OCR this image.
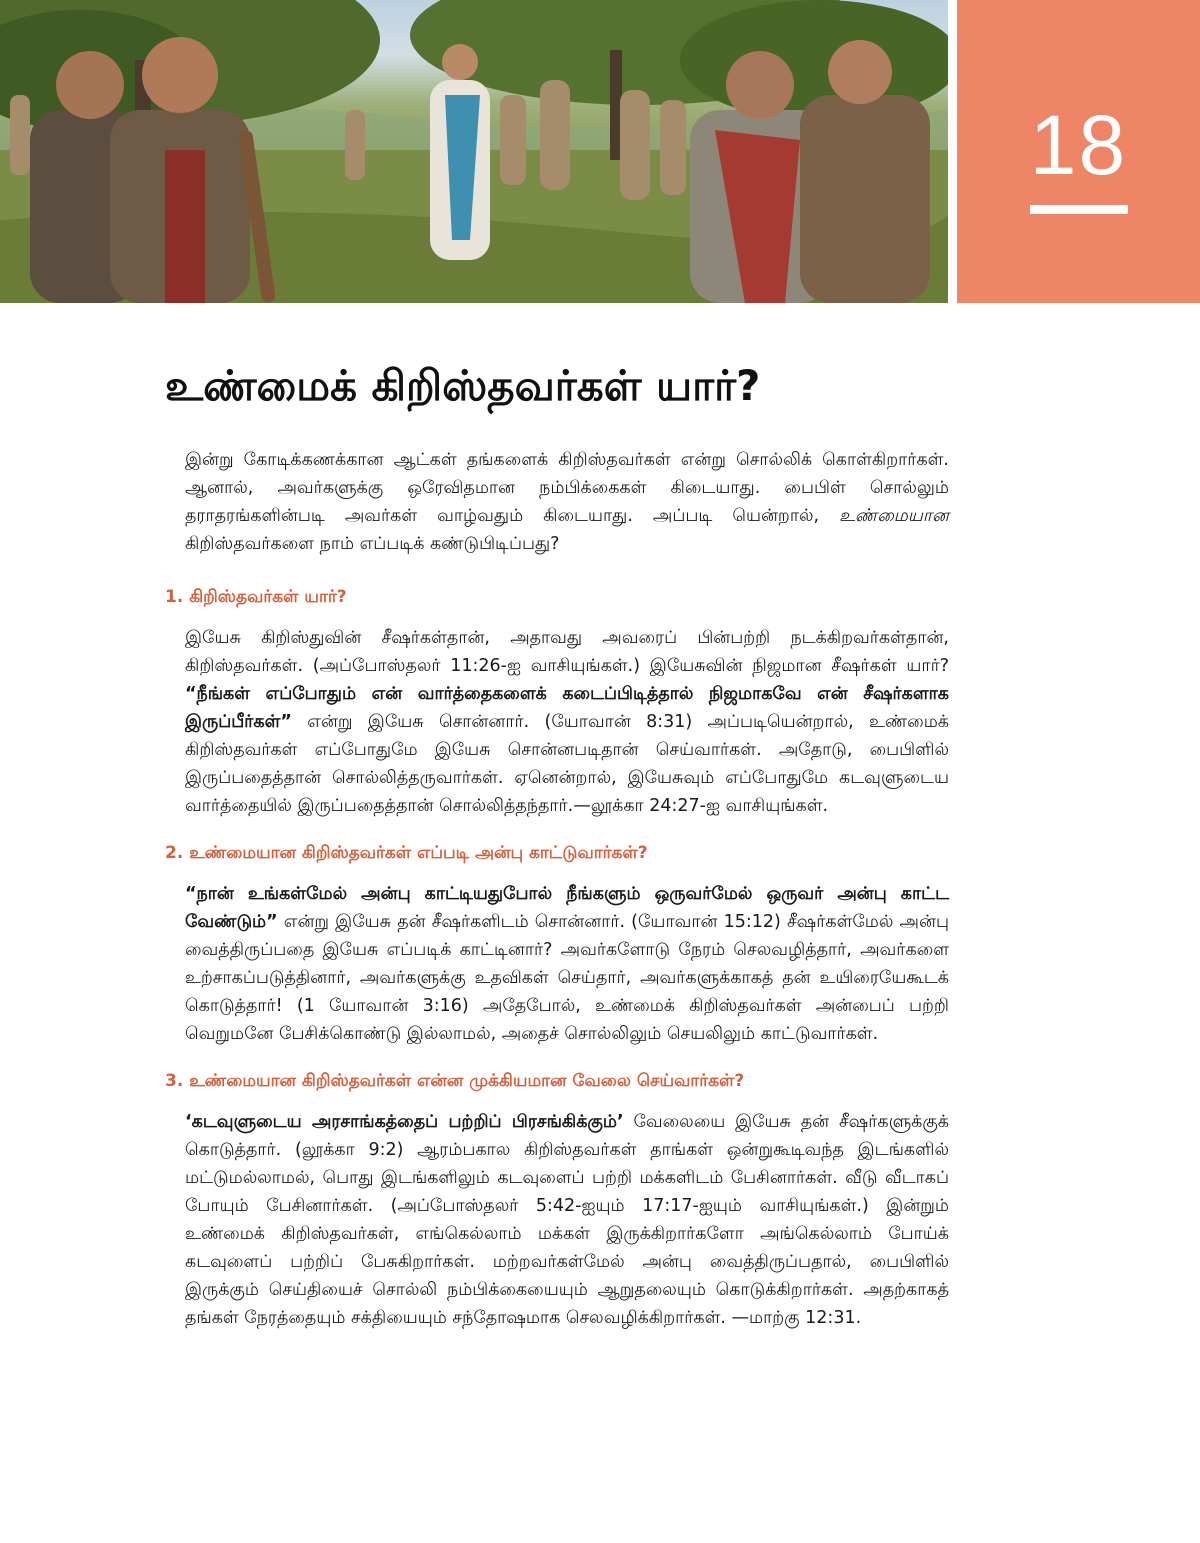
18
உண்மைக் கிறிஸ்தவர்கள் யார்?

இன்று கோடிக்கணக்கான ஆட்கள் தங்களைக் கிறிஸ்தவர்கள் என்று சொல்லிக் கொள்கிறார்கள். ஆனால், அவர்களுக்கு ஒரேவிதமான நம்பிக்கைகள் கிடையாது. பைபிள் சொல்லும் தராதரங்களின்படி அவர்கள் வாழ்வதும் கிடையாது. அப்படி யென்றால், உண்மையான கிறிஸ்தவர்களை நாம் எப்படிக் கண்டுபிடிப்பது?

1. கிறிஸ்தவர்கள் யார்?

இயேசு கிறிஸ்துவின் சீஷர்கள்தான், அதாவது அவரைப் பின்பற்றி நடக்கிறவர்கள்தான், கிறிஸ்தவர்கள். (அப்போஸ்தலர் 11:26-ஐ வாசியுங்கள்.) இயேசுவின் நிஜமான சீஷர்கள் யார்? “நீங்கள் எப்போதும் என் வார்த்தைகளைக் கடைப்பிடித்தால் நிஜமாகவே என் சீஷர்களாக இருப்பீர்கள்” என்று இயேசு சொன்னார். (யோவான் 8:31) அப்படியென்றால், உண்மைக் கிறிஸ்தவர்கள் எப்போதுமே இயேசு சொன்னபடிதான் செய்வார்கள். அதோடு, பைபிளில் இருப்பதைத்தான் சொல்லித்தருவார்கள். ஏனென்றால், இயேசுவும் எப்போதுமே கடவுளுடைய வார்த்தையில் இருப்பதைத்தான் சொல்லித்தந்தார்.—லூக்கா 24:27-ஐ வாசியுங்கள்.

2. உண்மையான கிறிஸ்தவர்கள் எப்படி அன்பு காட்டுவார்கள்?

“நான் உங்கள்மேல் அன்பு காட்டியதுபோல் நீங்களும் ஒருவர்மேல் ஒருவர் அன்பு காட்ட வேண்டும்” என்று இயேசு தன் சீஷர்களிடம் சொன்னார். (யோவான் 15:12) சீஷர்கள்மேல் அன்பு வைத்திருப்பதை இயேசு எப்படிக் காட்டினார்? அவர்களோடு நேரம் செலவழித்தார், அவர்களை உற்சாகப்படுத்தினார், அவர்களுக்கு உதவிகள் செய்தார், அவர்களுக்காகத் தன் உயிரையேகூடக் கொடுத்தார்! (1 யோவான் 3:16) அதேபோல், உண்மைக் கிறிஸ்தவர்கள் அன்பைப் பற்றி வெறுமனே பேசிக்கொண்டு இல்லாமல், அதைச் சொல்லிலும் செயலிலும் காட்டுவார்கள்.

3. உண்மையான கிறிஸ்தவர்கள் என்ன முக்கியமான வேலை செய்வார்கள்?

‘கடவுளுடைய அரசாங்கத்தைப் பற்றிப் பிரசங்கிக்கும்’ வேலையை இயேசு தன் சீஷர்களுக்குக் கொடுத்தார். (லூக்கா 9:2) ஆரம்பகால கிறிஸ்தவர்கள் தாங்கள் ஒன்றுகூடிவந்த இடங்களில் மட்டுமல்லாமல், பொது இடங்களிலும் கடவுளைப் பற்றி மக்களிடம் பேசினார்கள். வீடு வீடாகப் போயும் பேசினார்கள். (அப்போஸ்தலர் 5:42-ஐயும் 17:17-ஐயும் வாசியுங்கள்.) இன்றும் உண்மைக் கிறிஸ்தவர்கள், எங்கெல்லாம் மக்கள் இருக்கிறார்களோ அங்கெல்லாம் போய்க் கடவுளைப் பற்றிப் பேசுகிறார்கள். மற்றவர்கள்மேல் அன்பு வைத்திருப்பதால், பைபிளில் இருக்கும் செய்தியைச் சொல்லி நம்பிக்கையையும் ஆறுதலையும் கொடுக்கிறார்கள். அதற்காகத் தங்கள் நேரத்தையும் சக்தியையும் சந்தோஷமாக செலவழிக்கிறார்கள். —மாற்கு 12:31.
